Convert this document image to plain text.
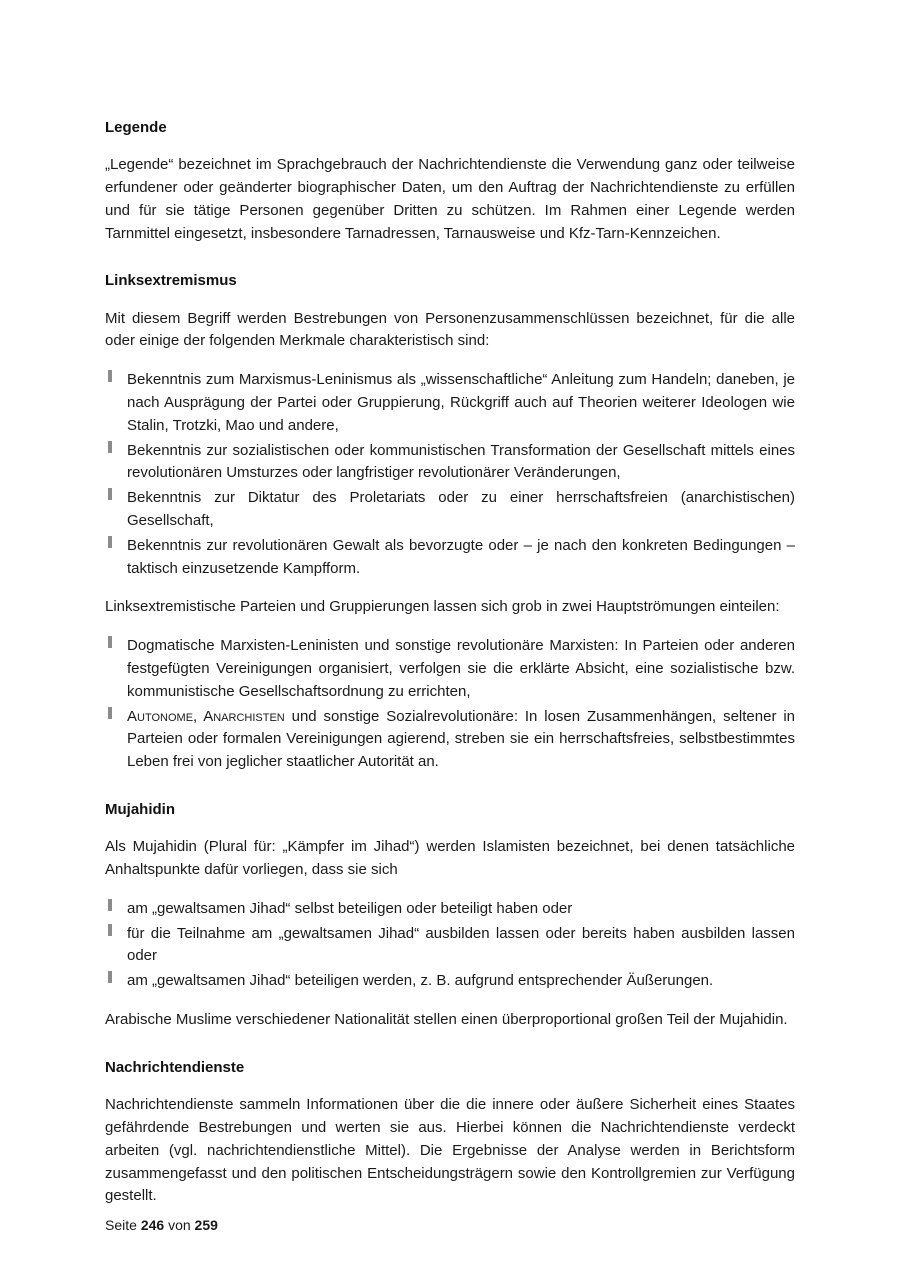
Legende

„Legende“ bezeichnet im Sprachgebrauch der Nachrichtendienste die Verwendung ganz oder teilweise erfundener oder geänderter biographischer Daten, um den Auftrag der Nachrichtendienste zu erfüllen und für sie tätige Personen gegenüber Dritten zu schützen. Im Rahmen einer Legende werden Tarnmittel eingesetzt, insbesondere Tarnadressen, Tarnausweise und Kfz-Tarn-Kennzeichen.

Linksextremismus

Mit diesem Begriff werden Bestrebungen von Personenzusammenschlüssen bezeichnet, für die alle oder einige der folgenden Merkmale charakteristisch sind:

Bekenntnis zum Marxismus-Leninismus als „wissenschaftliche“ Anleitung zum Handeln; daneben, je nach Ausprägung der Partei oder Gruppierung, Rückgriff auch auf Theorien weiterer Ideologen wie Stalin, Trotzki, Mao und andere,
Bekenntnis zur sozialistischen oder kommunistischen Transformation der Gesellschaft mittels eines revolutionären Umsturzes oder langfristiger revolutionärer Veränderungen,
Bekenntnis zur Diktatur des Proletariats oder zu einer herrschaftsfreien (anarchistischen) Gesellschaft,
Bekenntnis zur revolutionären Gewalt als bevorzugte oder – je nach den konkreten Bedingungen – taktisch einzusetzende Kampfform.

Linksextremistische Parteien und Gruppierungen lassen sich grob in zwei Hauptströmungen einteilen:

Dogmatische Marxisten-Leninisten und sonstige revolutionäre Marxisten: In Parteien oder anderen festgefügten Vereinigungen organisiert, verfolgen sie die erklärte Absicht, eine sozialistische bzw. kommunistische Gesellschaftsordnung zu errichten,
Autonome, Anarchisten und sonstige Sozialrevolutionäre: In losen Zusammenhängen, seltener in Parteien oder formalen Vereinigungen agierend, streben sie ein herrschaftsfreies, selbstbestimmtes Leben frei von jeglicher staatlicher Autorität an.
Mujahidin

Als Mujahidin (Plural für: „Kämpfer im Jihad“) werden Islamisten bezeichnet, bei denen tatsächliche Anhaltspunkte dafür vorliegen, dass sie sich

am „gewaltsamen Jihad“ selbst beteiligen oder beteiligt haben oder
für die Teilnahme am „gewaltsamen Jihad“ ausbilden lassen oder bereits haben ausbilden lassen oder
am „gewaltsamen Jihad“ beteiligen werden, z. B. aufgrund entsprechender Äußerungen.

Arabische Muslime verschiedener Nationalität stellen einen überproportional großen Teil der Mujahidin.

Nachrichtendienste

Nachrichtendienste sammeln Informationen über die die innere oder äußere Sicherheit eines Staates gefährdende Bestrebungen und werten sie aus. Hierbei können die Nachrichtendienste verdeckt arbeiten (vgl. nachrichtendienstliche Mittel). Die Ergebnisse der Analyse werden in Berichtsform zusammengefasst und den politischen Entscheidungsträgern sowie den Kontrollgremien zur Verfügung gestellt.

Seite 246 von 259
